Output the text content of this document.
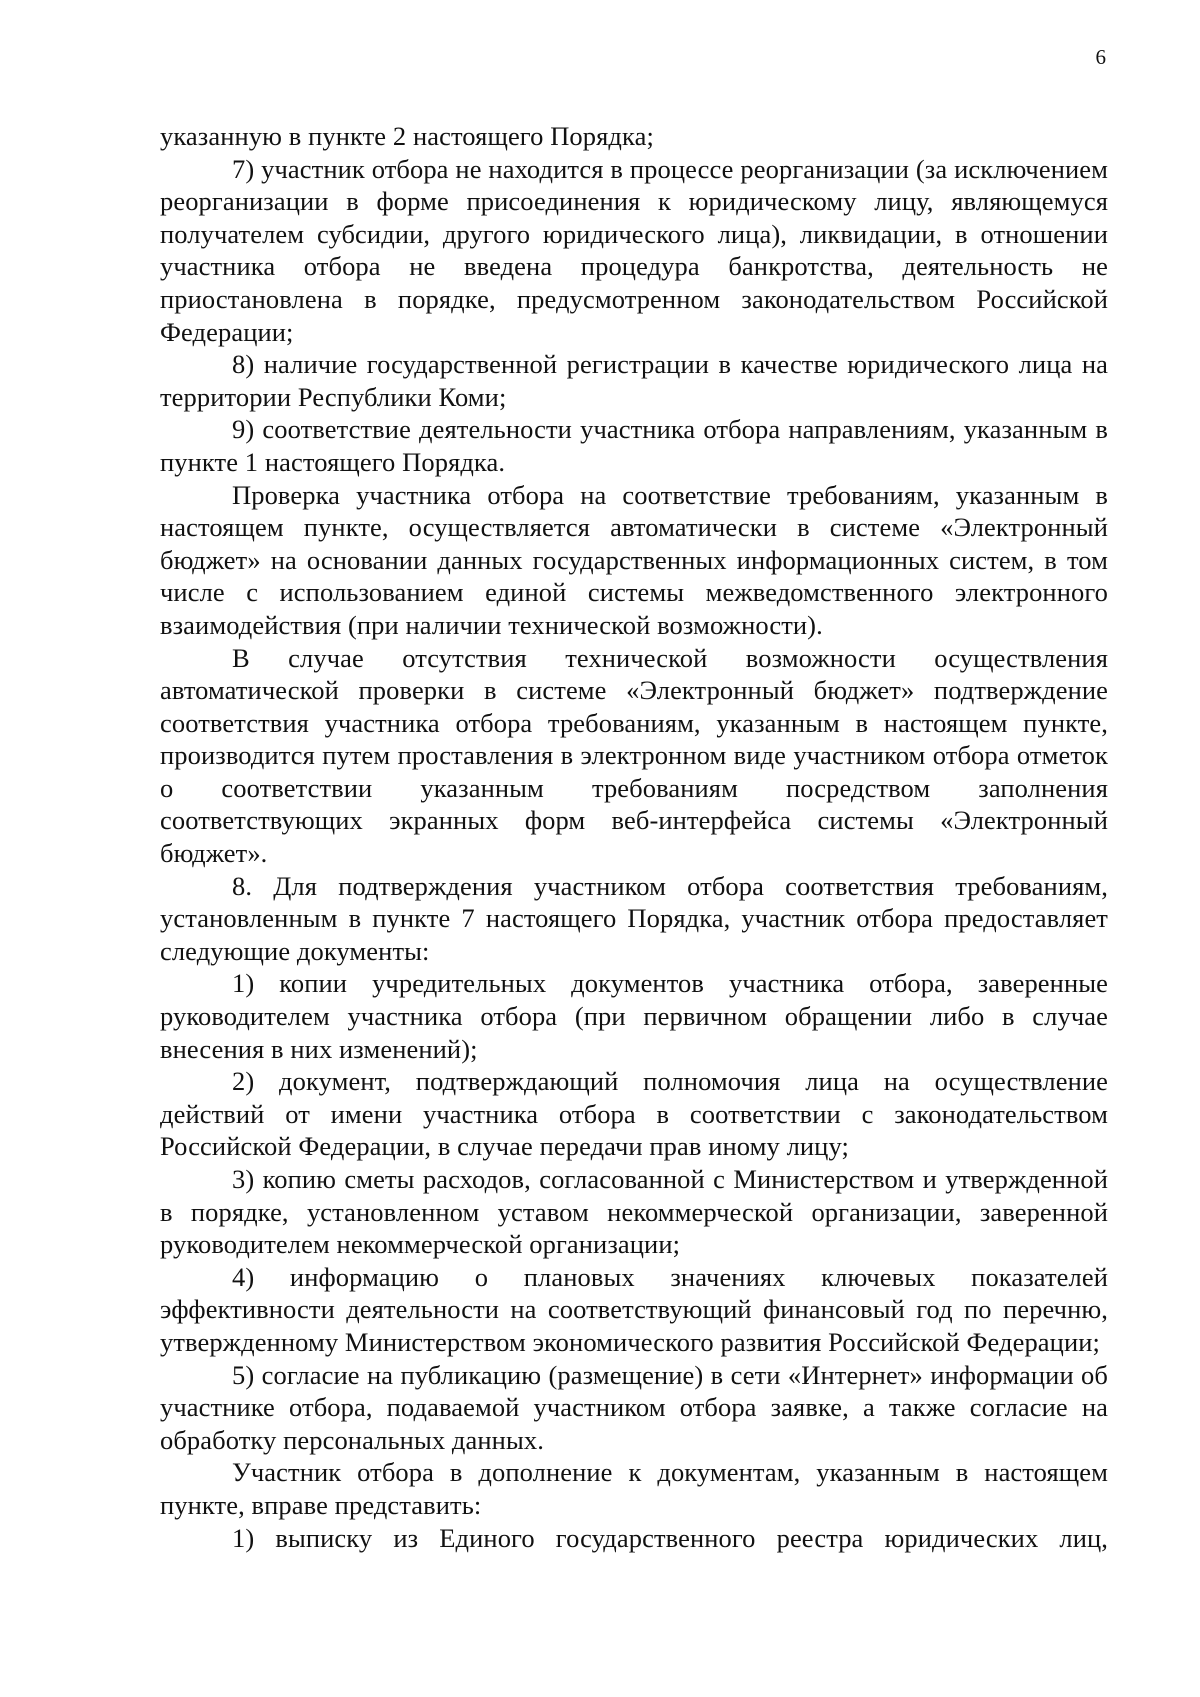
6

указанную в пункте 2 настоящего Порядка;

7) участник отбора не находится в процессе реорганизации (за исключением реорганизации в форме присоединения к юридическому лицу, являющемуся получателем субсидии, другого юридического лица), ликвидации, в отношении участника отбора не введена процедура банкротства, деятельность не приостановлена в порядке, предусмотренном законодательством Российской Федерации;

8) наличие государственной регистрации в качестве юридического лица на территории Республики Коми;

9) соответствие деятельности участника отбора направлениям, указанным в пункте 1 настоящего Порядка.

Проверка участника отбора на соответствие требованиям, указанным в настоящем пункте, осуществляется автоматически в системе «Электронный бюджет» на основании данных государственных информационных систем, в том числе с использованием единой системы межведомственного электронного взаимодействия (при наличии технической возможности).

В случае отсутствия технической возможности осуществления автоматической проверки в системе «Электронный бюджет» подтверждение соответствия участника отбора требованиям, указанным в настоящем пункте, производится путем проставления в электронном виде участником отбора отметок о соответствии указанным требованиям посредством заполнения соответствующих экранных форм веб-интерфейса системы «Электронный бюджет».

8. Для подтверждения участником отбора соответствия требованиям, установленным в пункте 7 настоящего Порядка, участник отбора предоставляет следующие документы:

1) копии учредительных документов участника отбора, заверенные руководителем участника отбора (при первичном обращении либо в случае внесения в них изменений);

2) документ, подтверждающий полномочия лица на осуществление действий от имени участника отбора в соответствии с законодательством Российской Федерации, в случае передачи прав иному лицу;

3) копию сметы расходов, согласованной с Министерством и утвержденной в порядке, установленном уставом некоммерческой организации, заверенной руководителем некоммерческой организации;

4) информацию о плановых значениях ключевых показателей эффективности деятельности на соответствующий финансовый год по перечню, утвержденному Министерством экономического развития Российской Федерации;

5) согласие на публикацию (размещение) в сети «Интернет» информации об участнике отбора, подаваемой участником отбора заявке, а также согласие на обработку персональных данных.

Участник отбора в дополнение к документам, указанным в настоящем пункте, вправе представить:

1) выписку из Единого государственного реестра юридических лиц,
